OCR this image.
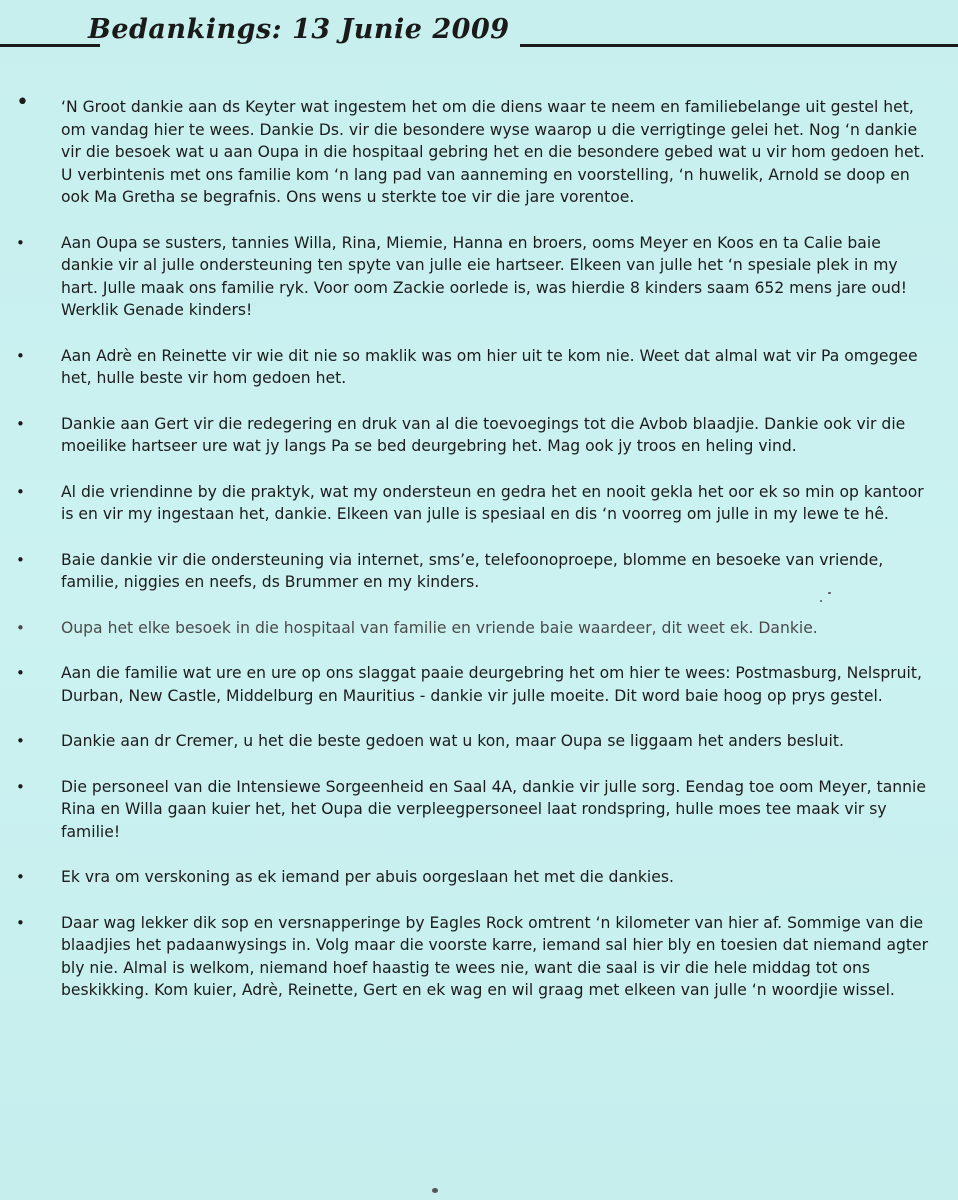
Bedankings: 13 Junie 2009
• ‘N Groot dankie aan ds Keyter wat ingestem het om die diens waar te neem en familiebelange uit gestel het, om vandag hier te wees. Dankie Ds. vir die besondere wyse waarop u die verrigtinge gelei het. Nog ‘n dankie vir die besoek wat u aan Oupa in die hospitaal gebring het en die besondere gebed wat u vir hom gedoen het. U verbintenis met ons familie kom ‘n lang pad van aanneming en voorstelling, ‘n huwelik, Arnold se doop en ook Ma Gretha se begrafnis. Ons wens u sterkte toe vir die jare vorentoe.
• Aan Oupa se susters, tannies Willa, Rina, Miemie, Hanna en broers, ooms Meyer en Koos en ta Calie baie dankie vir al julle ondersteuning ten spyte van julle eie hartseer. Elkeen van julle het ‘n spesiale plek in my hart. Julle maak ons familie ryk. Voor oom Zackie oorlede is, was hierdie 8 kinders saam 652 mens jare oud! Werklik Genade kinders!
• Aan Adrè en Reinette vir wie dit nie so maklik was om hier uit te kom nie. Weet dat almal wat vir Pa omgegee het, hulle beste vir hom gedoen het.
• Dankie aan Gert vir die redegering en druk van al die toevoegings tot die Avbob blaadjie. Dankie ook vir die moeilike hartseer ure wat jy langs Pa se bed deurgebring het. Mag ook jy troos en heling vind.
• Al die vriendinne by die praktyk, wat my ondersteun en gedra het en nooit gekla het oor ek so min op kantoor is en vir my ingestaan het, dankie. Elkeen van julle is spesiaal en dis ‘n voorreg om julle in my lewe te hê.
• Baie dankie vir die ondersteuning via internet, sms’e, telefoonoproepe, blomme en besoeke van vriende, familie, niggies en neefs, ds Brummer en my kinders.
• Oupa het elke besoek in die hospitaal van familie en vriende baie waardeer, dit weet ek. Dankie.
• Aan die familie wat ure en ure op ons slaggat paaie deurgebring het om hier te wees: Postmasburg, Nelspruit, Durban, New Castle, Middelburg en Mauritius - dankie vir julle moeite. Dit word baie hoog op prys gestel.
• Dankie aan dr Cremer, u het die beste gedoen wat u kon, maar Oupa se liggaam het anders besluit.
• Die personeel van die Intensiewe Sorgeenheid en Saal 4A, dankie vir julle sorg. Eendag toe oom Meyer, tannie Rina en Willa gaan kuier het, het Oupa die verpleegpersoneel laat rondspring, hulle moes tee maak vir sy familie!
• Ek vra om verskoning as ek iemand per abuis oorgeslaan het met die dankies.
• Daar wag lekker dik sop en versnapperinge by Eagles Rock omtrent ‘n kilometer van hier af. Sommige van die blaadjies het padaanwysings in. Volg maar die voorste karre, iemand sal hier bly en toesien dat niemand agter bly nie. Almal is welkom, niemand hoef haastig te wees nie, want die saal is vir die hele middag tot ons beskikking. Kom kuier, Adrè, Reinette, Gert en ek wag en wil graag met elkeen van julle ‘n woordjie wissel.
